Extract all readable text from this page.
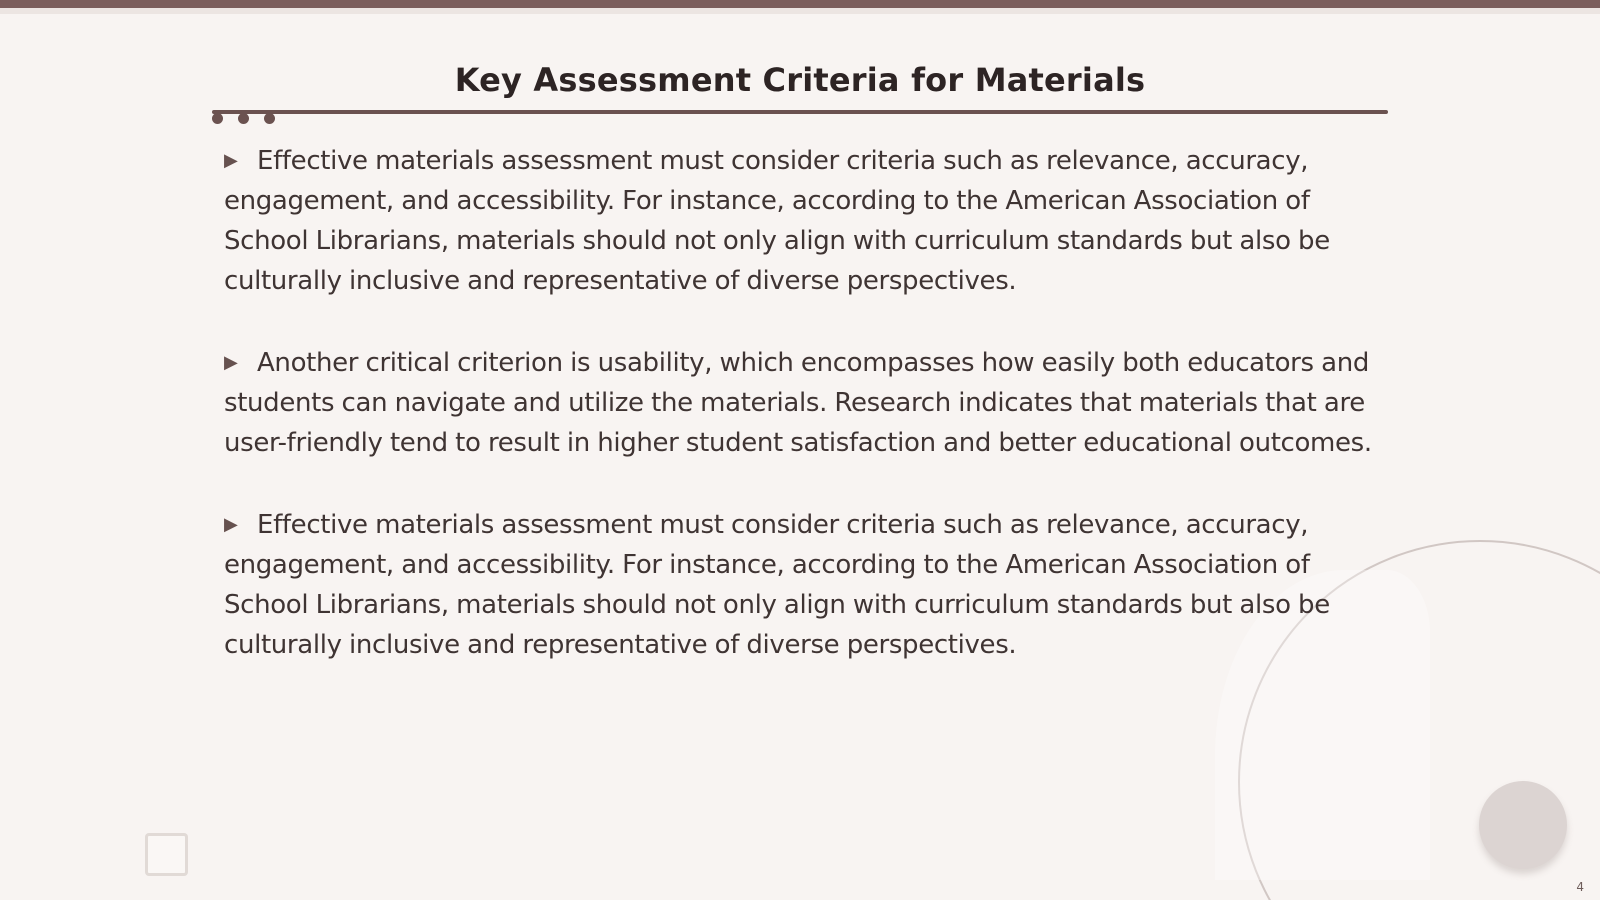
Key Assessment Criteria for Materials

▶ Effective materials assessment must consider criteria such as relevance, accuracy, engagement, and accessibility. For instance, according to the American Association of School Librarians, materials should not only align with curriculum standards but also be culturally inclusive and representative of diverse perspectives.

▶ Another critical criterion is usability, which encompasses how easily both educators and students can navigate and utilize the materials. Research indicates that materials that are user-friendly tend to result in higher student satisfaction and better educational outcomes.

▶ Effective materials assessment must consider criteria such as relevance, accuracy, engagement, and accessibility. For instance, according to the American Association of School Librarians, materials should not only align with curriculum standards but also be culturally inclusive and representative of diverse perspectives.

4
